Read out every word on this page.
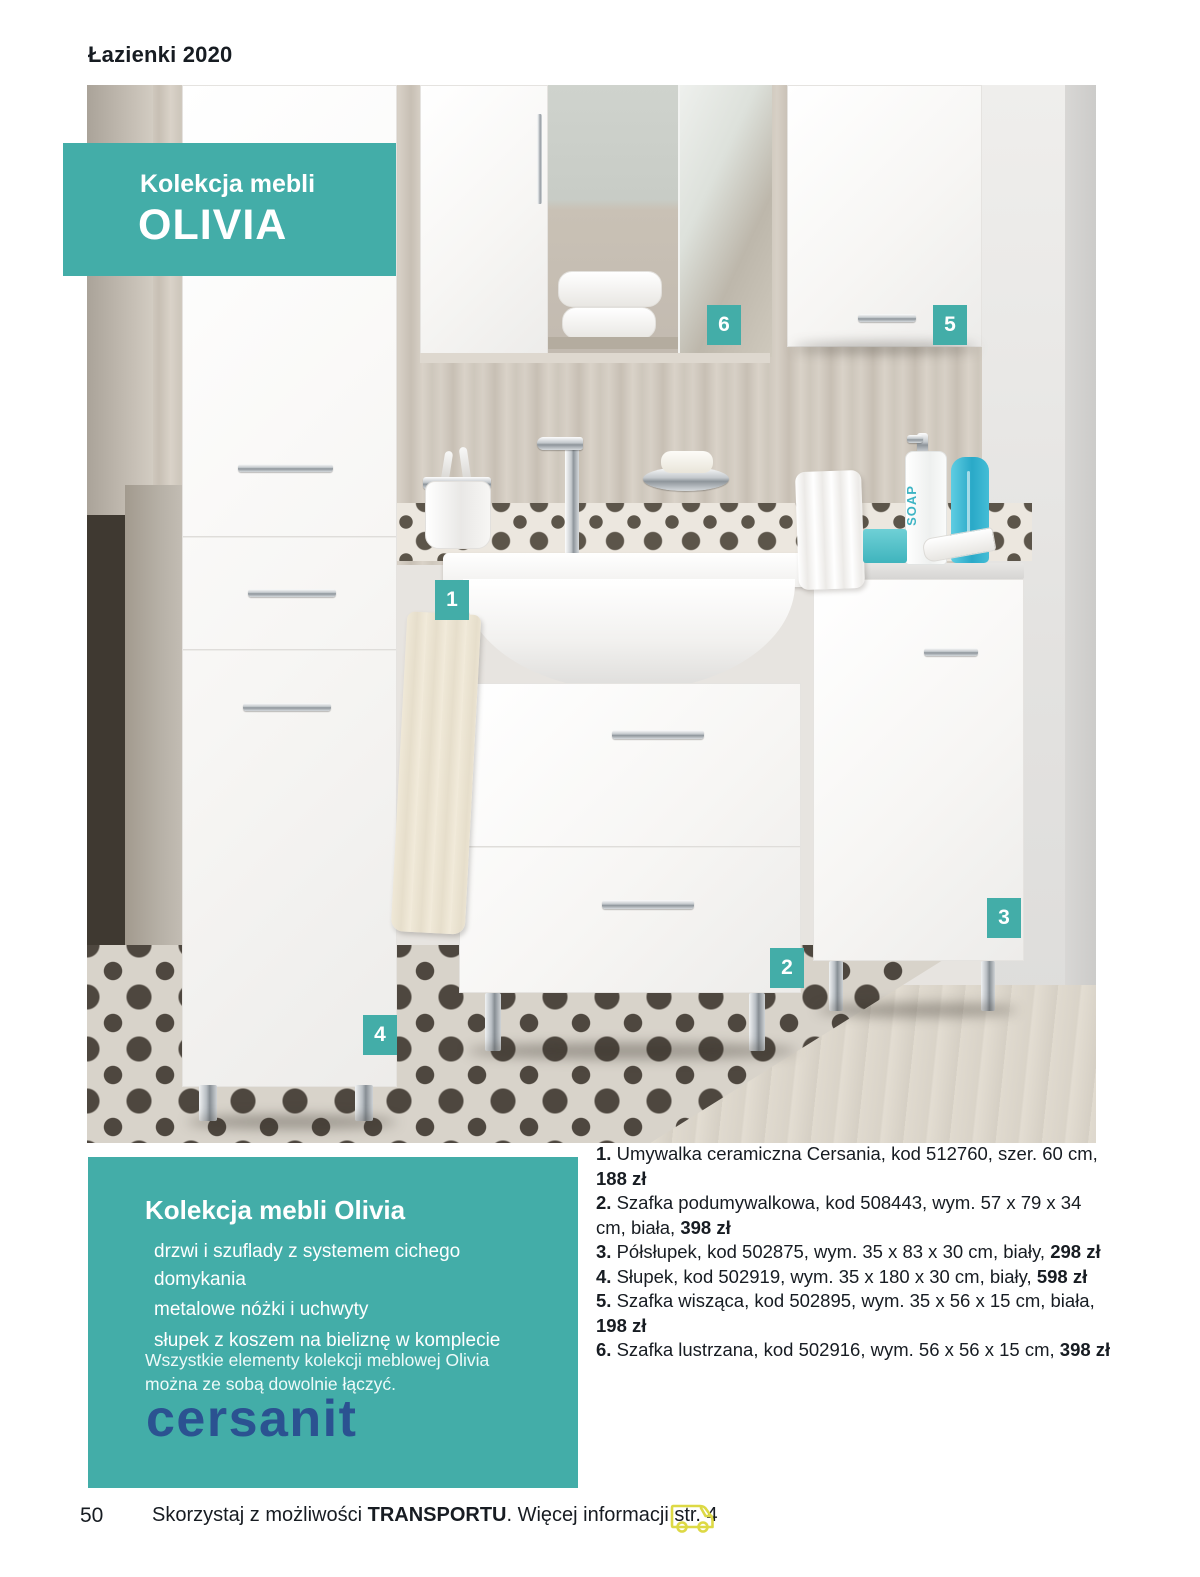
Łazienki 2020
SOAP
1
2
3
4
5
6
Kolekcja mebli
OLIVIA
Kolekcja mebli Olivia
drzwi i szuflady z systemem cichego domykania
metalowe nóżki i uchwyty
słupek z koszem na bieliznę w komplecie
Wszystkie elementy kolekcji meblowej Olivia
można ze sobą dowolnie łączyć.
cersanit
1. Umywalka ceramiczna Cersania, kod 512760, szer. 60 cm, 188 zł
2. Szafka podumywalkowa, kod 508443, wym. 57 x 79 x 34 cm, biała, 398 zł
3. Półsłupek, kod 502875, wym. 35 x 83 x 30 cm, biały, 298 zł
4. Słupek, kod 502919, wym. 35 x 180 x 30 cm, biały, 598 zł
5. Szafka wisząca, kod 502895, wym. 35 x 56 x 15 cm, biała, 198 zł
6. Szafka lustrzana, kod 502916, wym. 56 x 56 x 15 cm, 398 zł
50 Skorzystaj z możliwości TRANSPORTU. Więcej informacji str. 4
